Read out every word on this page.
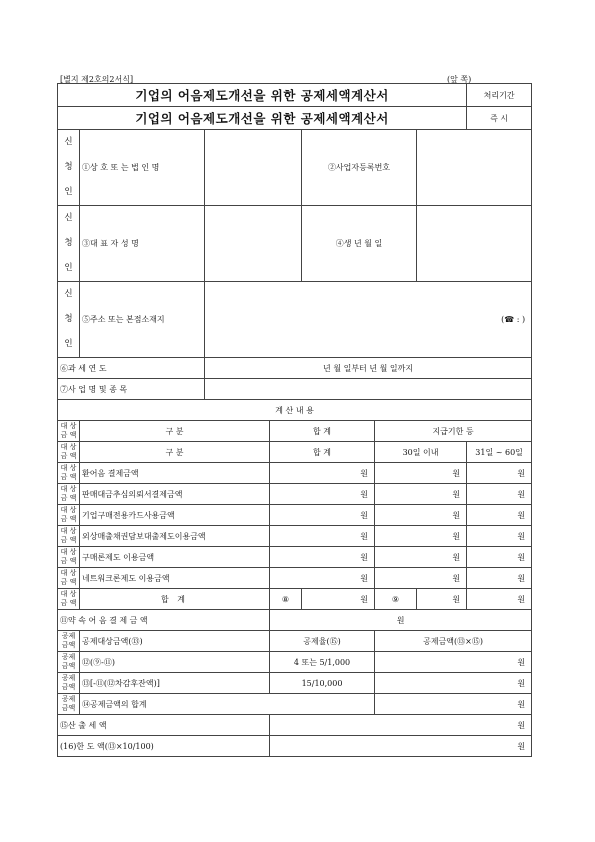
[별지 제2호의2서식]	(앞 쪽)
기업의 어음제도개선을 위한 공제세액계산서							처리기간
기업의 어음제도개선을 위한 공제세액계산서							즉 시
신
청
인	①상 호 또 는 법 인 명			②사업자등록번호			
신
청
인	③대 표 자 성 명			④생 년 월 일			
신
청
인	⑤주소 또는 본점소재지	(☎ : )					
⑥과 세 연 도		년 월 일부터 년 월 일까지					
⑦사 업 명 및 종 목							
계 산 내 용							
대 상 금 액	구 분		합 계		지급기한 등		
대 상 금 액	구 분		합 계		30일 이내		31일 ~ 60일
대 상 금 액	환어음 결제금액		원		원		원
대 상 금 액	판매대금추심의뢰서결제금액		원		원		원
대 상 금 액	기업구매전용카드사용금액		원		원		원
대 상 금 액	외상매출채권담보대출제도이용금액		원		원		원
대 상 금 액	구매론제도 이용금액		원		원		원
대 상 금 액	네트워크론제도 이용금액		원		원		원
대 상 금 액	합 계		⑧	원	⑨	원	원
⑪약 속 어 음 결 제 금 액			원				
공제금액	공제대상금액(⑬)		공제율(⑮)		공제금액(⑬×⑮)		
공제금액	⑫(⑨-⑪)		4 또는 5/1,000		원		
공제금액	⑬[-⑪(⑫차감후잔액)]		15/10,000		원		
공제금액	⑭공제금액의 합계				원		
⑮산 출 세 액			원				
(16)한 도 액(⑬×10/100)			원				
